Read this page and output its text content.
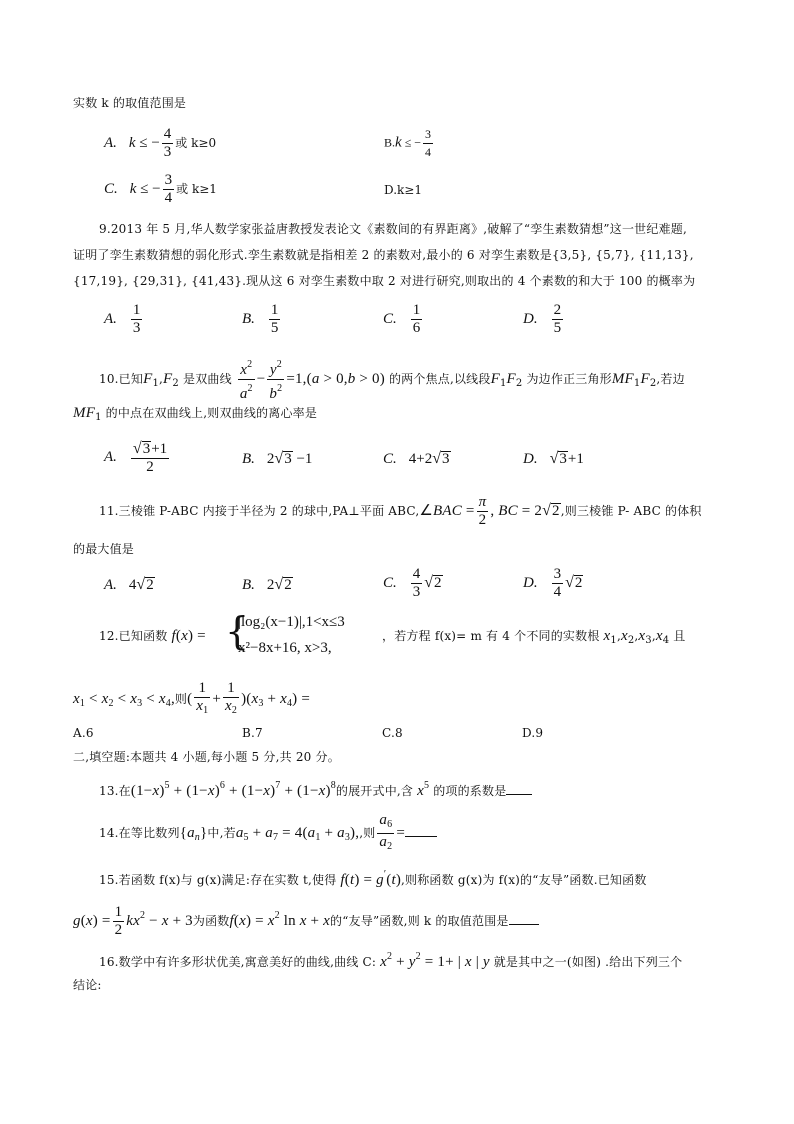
实数 k 的取值范围是
A. k ≤ − $\frac{4}{3}$ 或 k≥0	B.k ≤ − $\frac{3}{4}$
C. k ≤ − $\frac{3}{4}$ 或 k≥1	D.k≥1
9.2013 年 5 月,华人数学家张益唐教授发表论文《素数间的有界距离》,破解了“孪生素数猜想”这一世纪难题,
证明了孪生素数猜想的弱化形式.孪生素数就是指相差 2 的素数对,最小的 6 对孪生素数是{3,5}, {5,7}, {11,13},
{17,19}, {29,31}, {41,43}.现从这 6 对孪生素数中取 2 对进行研究,则取出的 4 个素数的和大于 100 的概率为
A. $\frac{1}{3}$	B. $\frac{1}{5}$	C. $\frac{1}{6}$	D. $\frac{2}{5}$
10.已知$F_1,F_2$ 是双曲线 $\frac{x^2}{a^2} - \frac{y^2}{b^2} =1,(a > 0,b > 0)$ 的两个焦点,以线段$F_1F_2$ 为边作正三角形$MF_1F_2$,若边
$MF_1$ 的中点在双曲线上,则双曲线的离心率是
A. $\frac{√3+1}{2}$	B. 2√3 −1	C. 4+2√3	D. √3+1
11.三棱锥 P-ABC 内接于半径为 2 的球中,PA⊥平面 ABC,∠BAC = $\frac{\pi}{2}$ , BC = 2√2,则三棱锥 P- ABC 的体积
的最大值是
A. 4√2	B. 2√2	C. $\frac{4}{3} √2$	D. $\frac{3}{4} √2$
12.已知函数 f(x) = {
|log₂(x−1)|,1<x≤3
x²−8x+16, x>3,
，若方程 f(x)= m 有 4 个不同的实数根 $x_1,x_2,x_3,x_4$ 且
$x_1 < x_2 < x_3 < x_4$,则( $\frac{1}{x_1} + \frac{1}{x_2} )(x_3 + x_4)$ =
A.6	B.7	C.8	D.9
二,填空题:本题共 4 小题,每小题 5 分,共 20 分。
13.在$(1-x)^5 + (1-x)^6 + (1-x)^7 + (1-x)^8$的展开式中,含 $x^5$ 的项的系数是
14.在等比数列$\{a_n\}$中,若$a_5 + a_7 = 4(a_1 + a_3)$,,则 $\frac{a_6}{a_2}$ =
15.若函数 f(x)与 g(x)满足:存在实数 t,使得 f(t) = g′(t),则称函数 g(x)为 f(x)的“友导”函数.已知函数
$g(x) = \frac{1}{2} kx^2 - x + 3$为函数$f(x) = x^2$ ln x + x的“友导”函数,则 k 的取值范围是
16.数学中有许多形状优美,寓意美好的曲线,曲线 C: $x^2 + y^2 = 1+$ | x | y 就是其中之一(如图) .给出下列三个
结论:
